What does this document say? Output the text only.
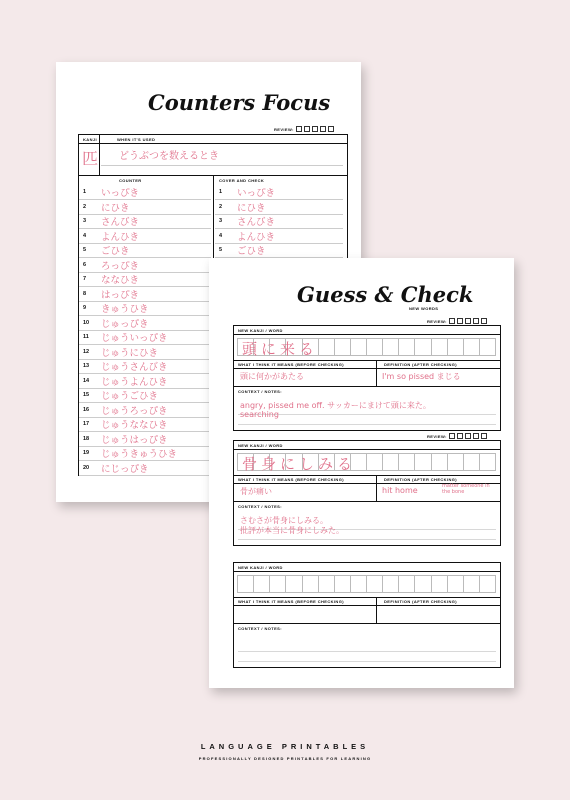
Counters Focus
REVIEW:
KANJI	WHEN IT'S USED
匹 どうぶつを数えるとき
COUNTER	COVER AND CHECK
1	いっぴき	1	いっぴき
2	にひき	2	にひき
3	さんびき	3	さんびき
4	よんひき	4	よんひき
5	ごひき	5	ごひき
6	ろっぴき
7	ななひき
8	はっぴき
9	きゅうひき
10	じゅっぴき
11	じゅういっぴき
12	じゅうにひき
13	じゅうさんびき
14	じゅうよんひき
15	じゅうごひき
16	じゅうろっぴき
17	じゅうななひき
18	じゅうはっぴき
19	じゅうきゅうひき
20	にじっぴき
Guess & Check
NEW WORDS
NEW KANJI / WORD
頭に来る
WHAT I THINK IT MEANS (BEFORE CHECKING)	DEFINITION (AFTER CHECKING)
頭に何かがあたる	I'm so pissed まじる
CONTEXT / NOTES:
angry, pissed me off. サッカーにまけて頭に来た。
searching
REVIEW:
NEW KANJI / WORD
骨身にしみる
WHAT I THINK IT MEANS (BEFORE CHECKING)	DEFINITION (AFTER CHECKING)
骨が痛い	hit home	matter someone in the bone
CONTEXT / NOTES:
さむさが骨身にしみる。
批評が本当に骨身にしみた。
REVIEW:
NEW KANJI / WORD
WHAT I THINK IT MEANS (BEFORE CHECKING)	DEFINITION (AFTER CHECKING)
CONTEXT / NOTES:
LANGUAGE PRINTABLES
PROFESSIONALLY DESIGNED PRINTABLES FOR LEARNING
